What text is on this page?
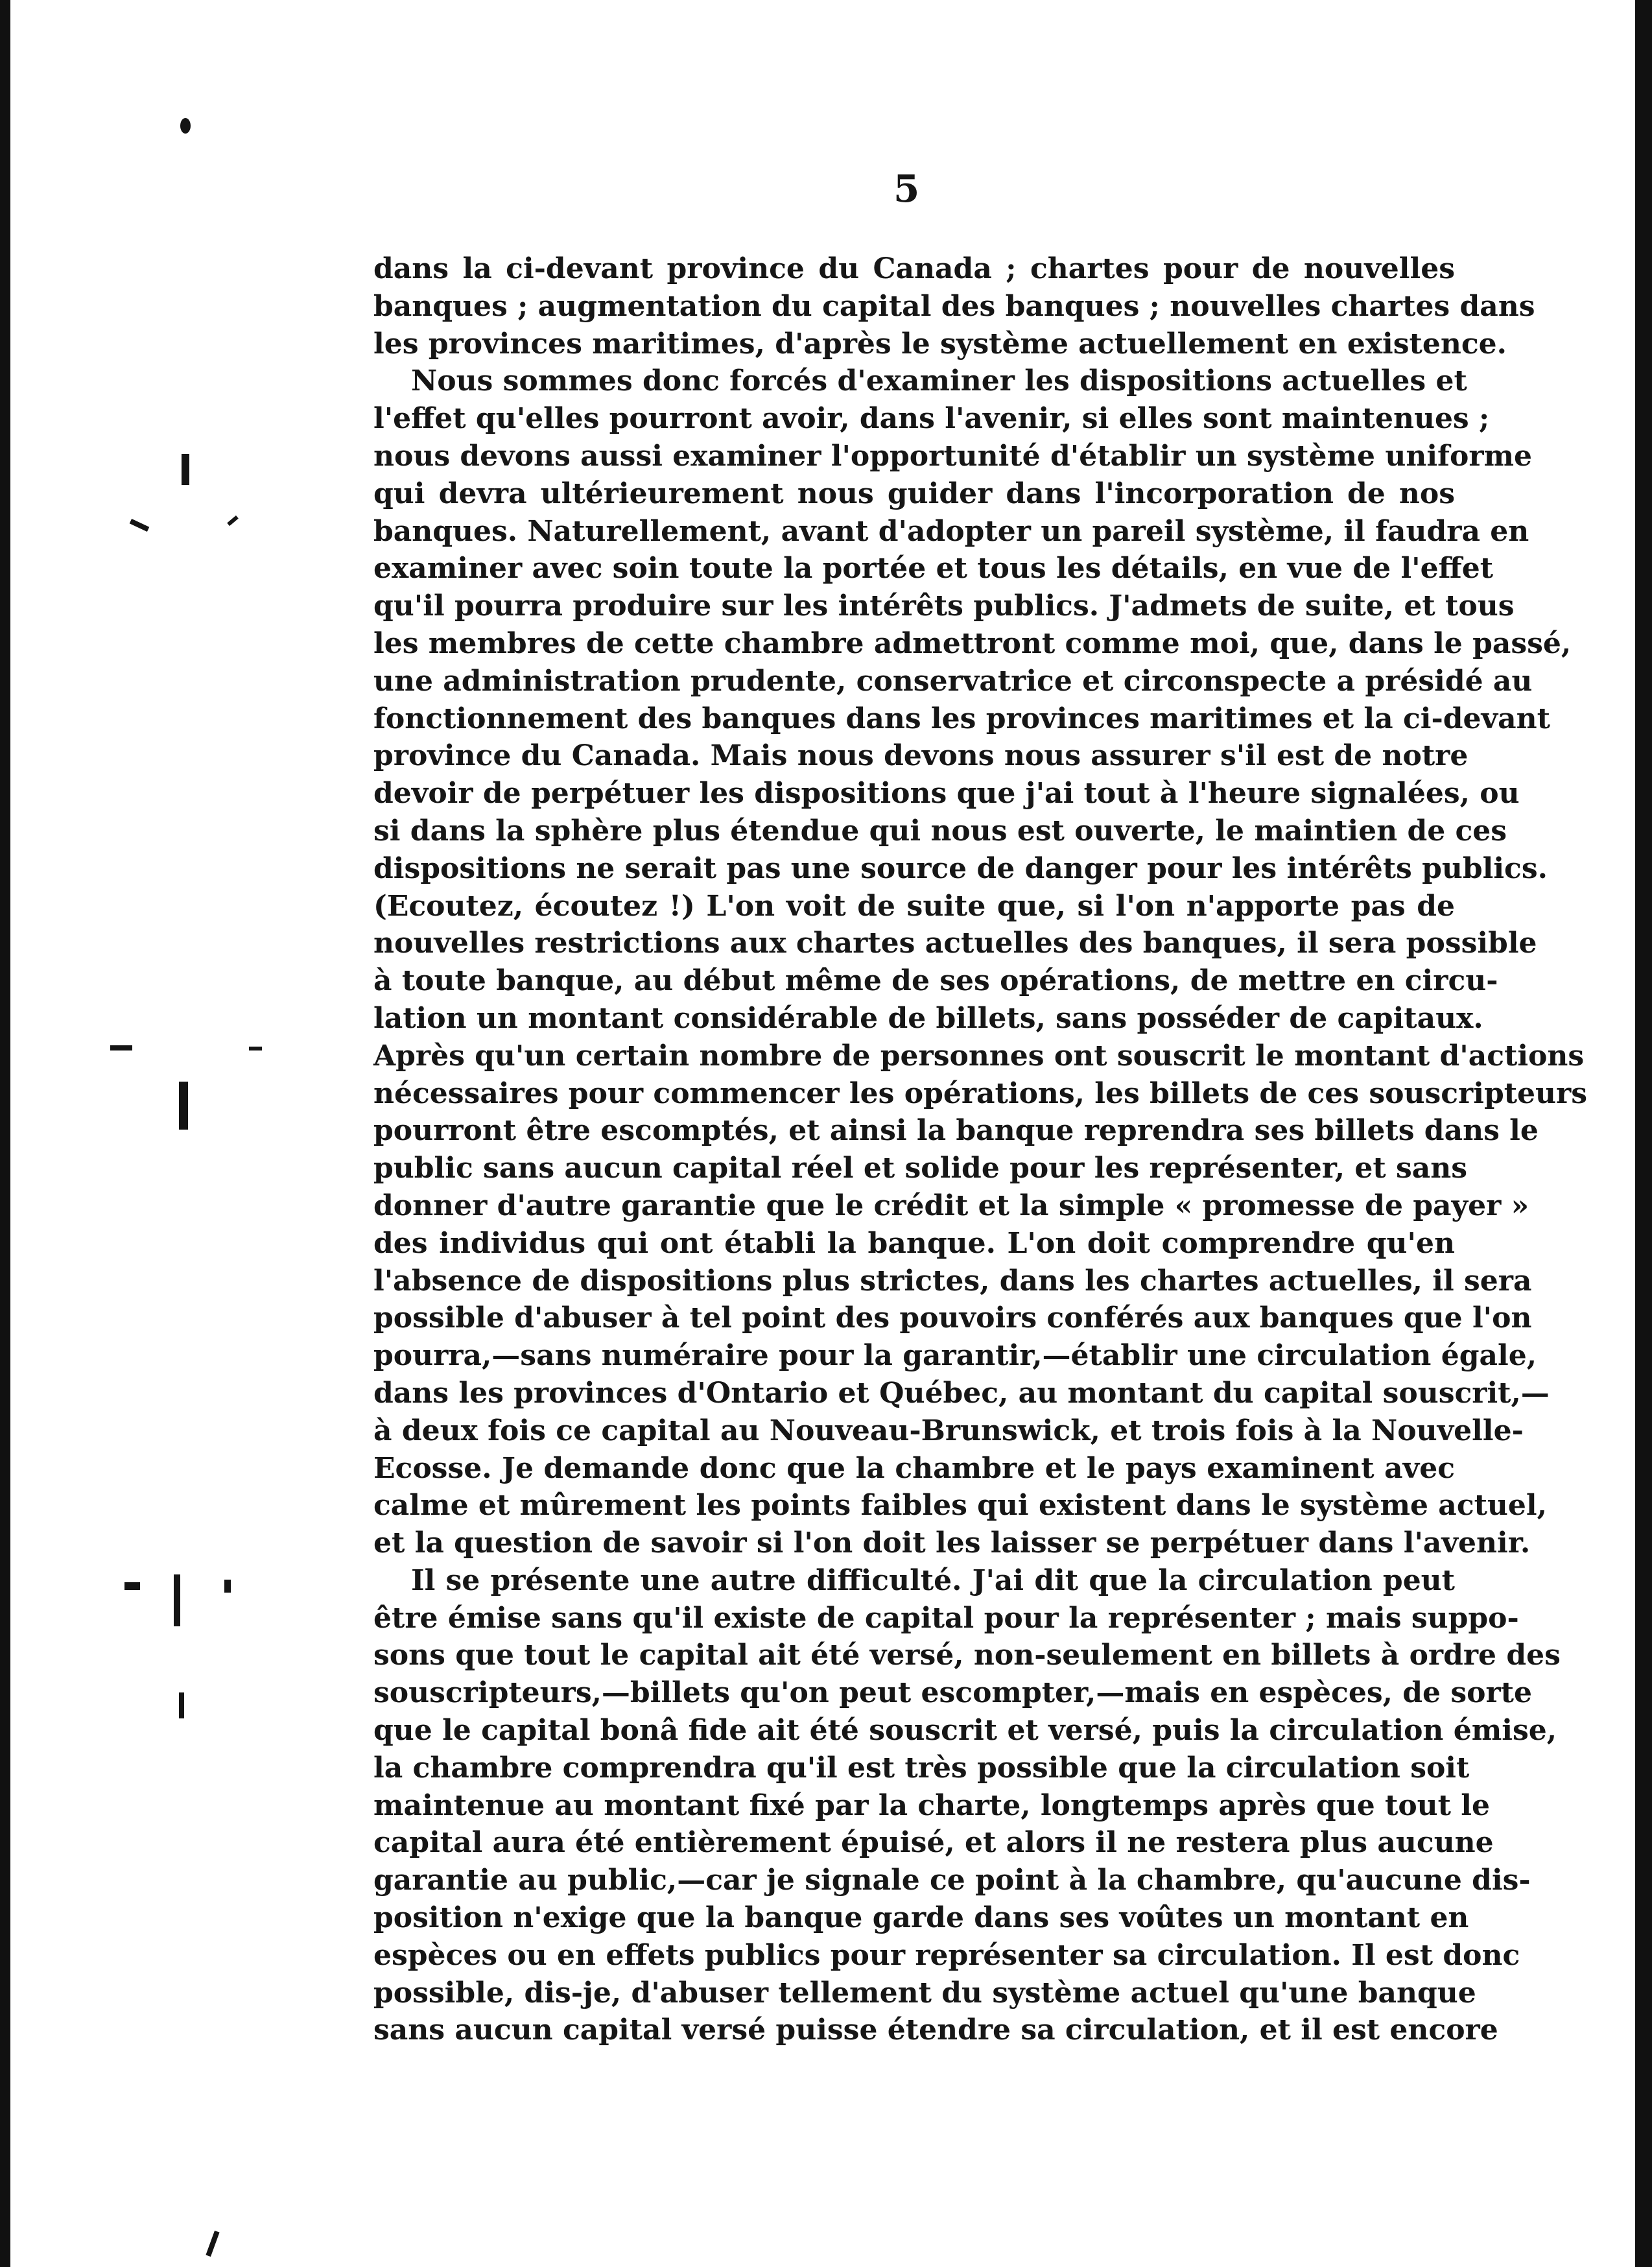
5
dans la ci-devant province du Canada ; chartes pour de nouvelles
banques ; augmentation du capital des banques ; nouvelles chartes dans
les provinces maritimes, d'après le système actuellement en existence.
Nous sommes donc forcés d'examiner les dispositions actuelles et
l'effet qu'elles pourront avoir, dans l'avenir, si elles sont maintenues ;
nous devons aussi examiner l'opportunité d'établir un système uniforme
qui devra ultérieurement nous guider dans l'incorporation de nos
banques. Naturellement, avant d'adopter un pareil système, il faudra en
examiner avec soin toute la portée et tous les détails, en vue de l'effet
qu'il pourra produire sur les intérêts publics. J'admets de suite, et tous
les membres de cette chambre admettront comme moi, que, dans le passé,
une administration prudente, conservatrice et circonspecte a présidé au
fonctionnement des banques dans les provinces maritimes et la ci-devant
province du Canada. Mais nous devons nous assurer s'il est de notre
devoir de perpétuer les dispositions que j'ai tout à l'heure signalées, ou
si dans la sphère plus étendue qui nous est ouverte, le maintien de ces
dispositions ne serait pas une source de danger pour les intérêts publics.
(Ecoutez, écoutez !) L'on voit de suite que, si l'on n'apporte pas de
nouvelles restrictions aux chartes actuelles des banques, il sera possible
à toute banque, au début même de ses opérations, de mettre en circu-
lation un montant considérable de billets, sans posséder de capitaux.
Après qu'un certain nombre de personnes ont souscrit le montant d'actions
nécessaires pour commencer les opérations, les billets de ces souscripteurs
pourront être escomptés, et ainsi la banque reprendra ses billets dans le
public sans aucun capital réel et solide pour les représenter, et sans
donner d'autre garantie que le crédit et la simple « promesse de payer »
des individus qui ont établi la banque. L'on doit comprendre qu'en
l'absence de dispositions plus strictes, dans les chartes actuelles, il sera
possible d'abuser à tel point des pouvoirs conférés aux banques que l'on
pourra,—sans numéraire pour la garantir,—établir une circulation égale,
dans les provinces d'Ontario et Québec, au montant du capital souscrit,—
à deux fois ce capital au Nouveau-Brunswick, et trois fois à la Nouvelle-
Ecosse. Je demande donc que la chambre et le pays examinent avec
calme et mûrement les points faibles qui existent dans le système actuel,
et la question de savoir si l'on doit les laisser se perpétuer dans l'avenir.
Il se présente une autre difficulté. J'ai dit que la circulation peut
être émise sans qu'il existe de capital pour la représenter ; mais suppo-
sons que tout le capital ait été versé, non-seulement en billets à ordre des
souscripteurs,—billets qu'on peut escompter,—mais en espèces, de sorte
que le capital bonâ fide ait été souscrit et versé, puis la circulation émise,
la chambre comprendra qu'il est très possible que la circulation soit
maintenue au montant fixé par la charte, longtemps après que tout le
capital aura été entièrement épuisé, et alors il ne restera plus aucune
garantie au public,—car je signale ce point à la chambre, qu'aucune dis-
position n'exige que la banque garde dans ses voûtes un montant en
espèces ou en effets publics pour représenter sa circulation. Il est donc
possible, dis-je, d'abuser tellement du système actuel qu'une banque
sans aucun capital versé puisse étendre sa circulation, et il est encore
